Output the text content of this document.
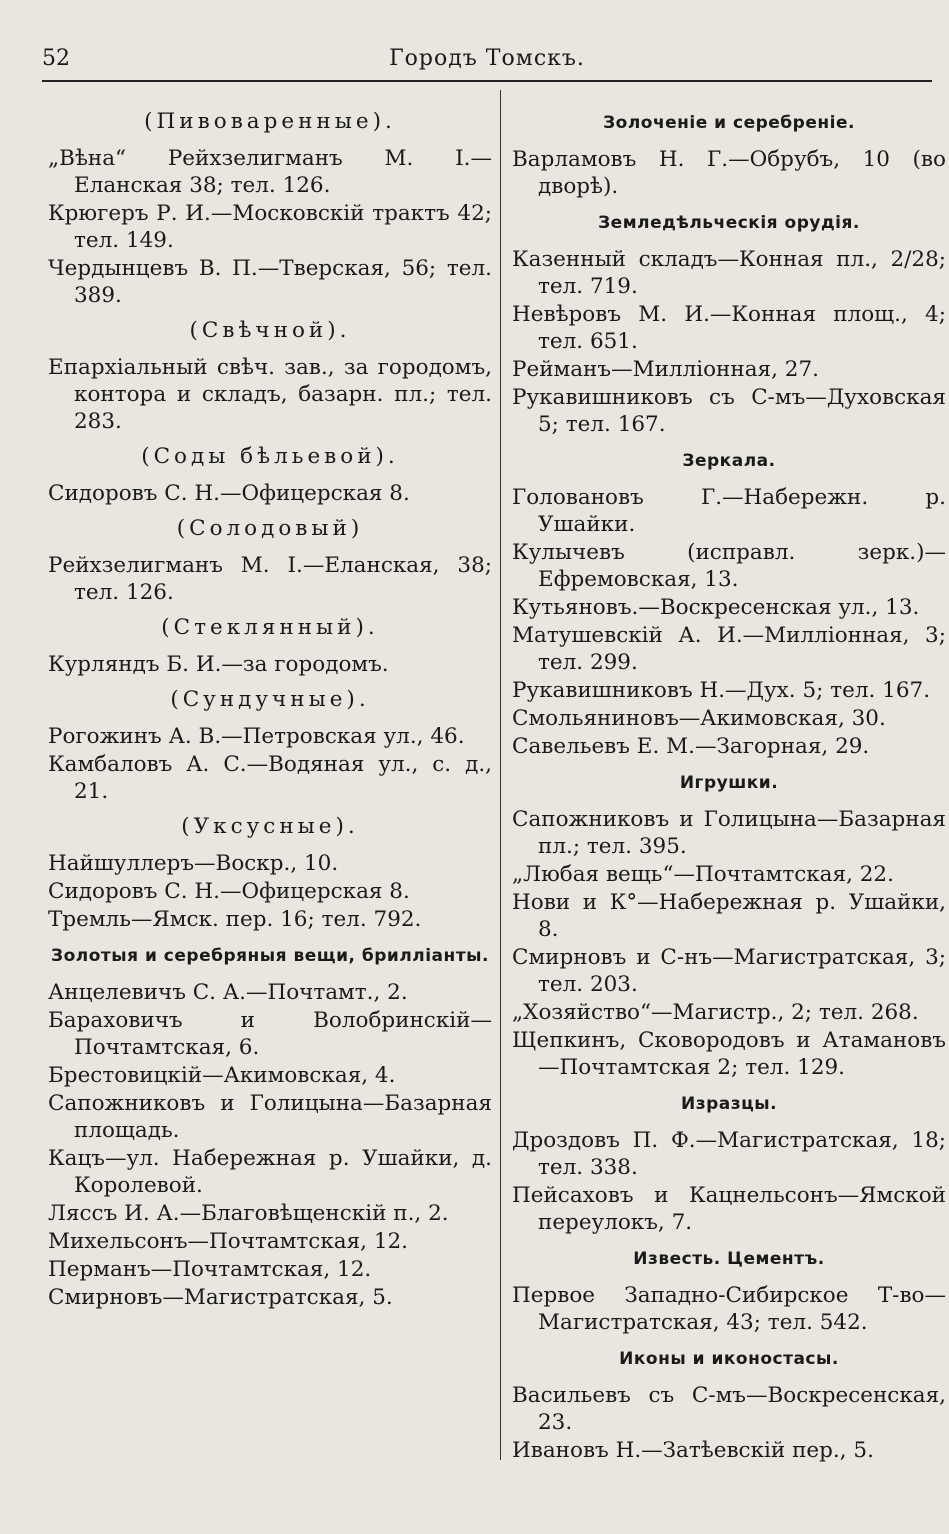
52	Городъ Томскъ.
(Пивоваренные).
„Вѣна“ Рейхзелигманъ М. І.—Еланская 38; тел. 126.
Крюгеръ Р. И.—Московскій трактъ 42; тел. 149.
Чердынцевъ В. П.—Тверская, 56; тел. 389.
(Свѣчной).
Епархіальный свѣч. зав., за городомъ, контора и складъ, базарн. пл.; тел. 283.
(Соды бѣльевой).
Сидоровъ С. Н.—Офицерская 8.
(Солодовый)
Рейхзелигманъ М. І.—Еланская, 38; тел. 126.
(Стеклянный).
Курляндъ Б. И.—за городомъ.
(Сундучные).
Рогожинъ А. В.—Петровская ул., 46.
Камбаловъ А. С.—Водяная ул., с. д., 21.
(Уксусные).
Найшуллеръ—Воскр., 10.
Сидоровъ С. Н.—Офицерская 8.
Тремль—Ямск. пер. 16; тел. 792.
Золотыя и серебряныя вещи, бриллiанты.
Анцелевичъ С. А.—Почтамт., 2.
Бараховичъ и Волобринскій—Почтамтская, 6.
Брестовицкій—Акимовская, 4.
Сапожниковъ и Голицына—Базарная площадь.
Кацъ—ул. Набережная р. Ушайки, д. Королевой.
Ляссъ И. А.—Благовѣщенскій п., 2.
Михельсонъ—Почтамтская, 12.
Перманъ—Почтамтская, 12.
Смирновъ—Магистратская, 5.
Золоченіе и серебреніе.
Варламовъ Н. Г.—Обрубъ, 10 (во дворѣ).
Земледѣльческія орудія.
Казенный складъ—Конная пл., 2/28; тел. 719.
Невѣровъ М. И.—Конная площ., 4; тел. 651.
Рейманъ—Милліонная, 27.
Рукавишниковъ съ С-мъ—Духовская 5; тел. 167.
Зеркала.
Головановъ Г.—Набережн. р. Ушайки.
Кулычевъ (исправл. зерк.)—Ефремовская, 13.
Кутьяновъ.—Воскресенская ул., 13.
Матушевскій А. И.—Милліонная, 3; тел. 299.
Рукавишниковъ Н.—Дух. 5; тел. 167.
Смольяниновъ—Акимовская, 30.
Савельевъ Е. М.—Загорная, 29.
Игрушки.
Сапожниковъ и Голицына—Базарная пл.; тел. 395.
„Любая вещь“—Почтамтская, 22.
Нови и К°—Набережная р. Ушайки, 8.
Смирновъ и С-нъ—Магистратская, 3; тел. 203.
„Хозяйство“—Магистр., 2; тел. 268.
Щепкинъ, Сковородовъ и Атамановъ—Почтамтская 2; тел. 129.
Изразцы.
Дроздовъ П. Ф.—Магистратская, 18; тел. 338.
Пейсаховъ и Кацнельсонъ—Ямской переулокъ, 7.
Известь. Цементъ.
Первое Западно-Сибирское Т-во—Магистратская, 43; тел. 542.
Иконы и иконостасы.
Васильевъ съ С-мъ—Воскресенская, 23.
Ивановъ Н.—Затѣевскій пер., 5.
